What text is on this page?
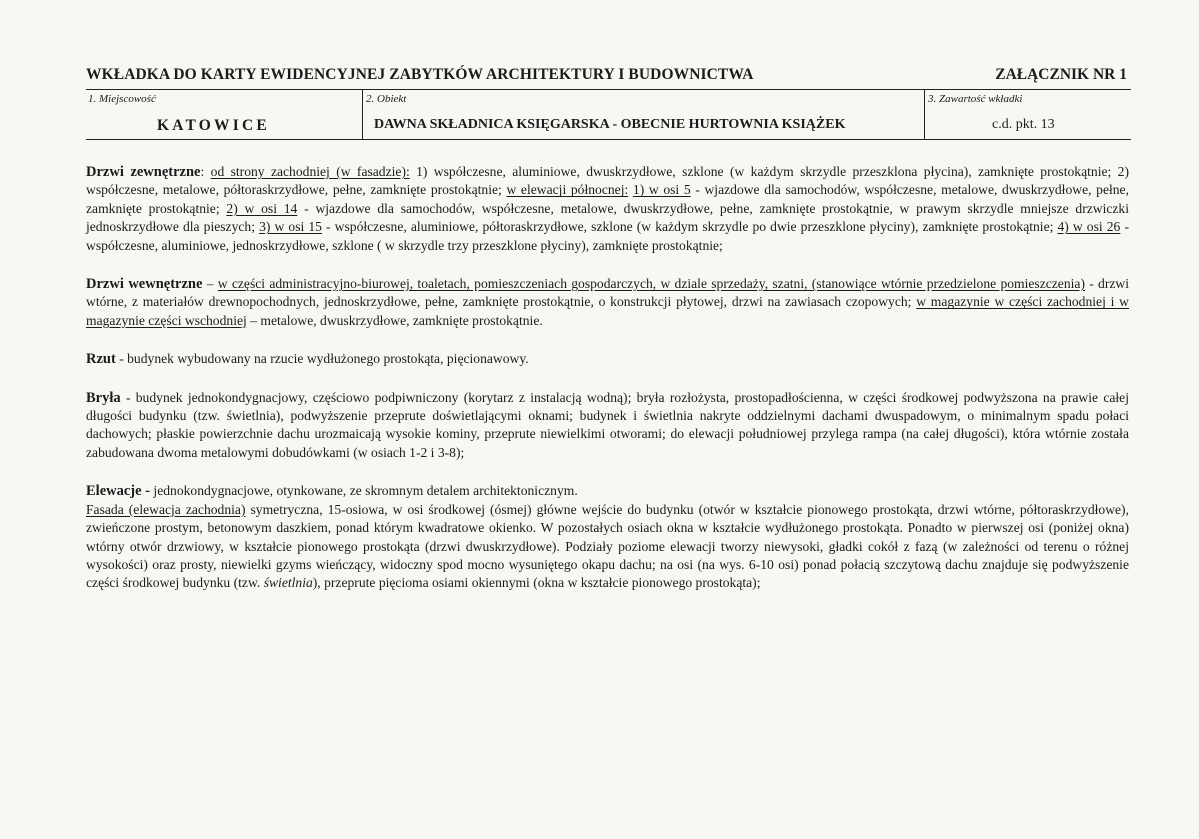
WKŁADKA DO KARTY EWIDENCYJNEJ ZABYTKÓW ARCHITEKTURY I BUDOWNICTWA	ZAŁĄCZNIK NR 1
1. Miejscowość
KATOWICE
2. Obiekt
DAWNA SKŁADNICA KSIĘGARSKA - OBECNIE HURTOWNIA KSIĄŻEK
3. Zawartość wkładki
c.d. pkt. 13

Drzwi zewnętrzne: od strony zachodniej (w fasadzie): 1) współczesne, aluminiowe, dwuskrzydłowe, szklone (w każdym skrzydle przeszklona płycina), zamknięte prostokątnie; 2) współczesne, metalowe, półtoraskrzydłowe, pełne, zamknięte prostokątnie; w elewacji północnej: 1) w osi 5 - wjazdowe dla samochodów, współczesne, metalowe, dwuskrzydłowe, pełne, zamknięte prostokątnie; 2) w osi 14 - wjazdowe dla samochodów, współczesne, metalowe, dwuskrzydłowe, pełne, zamknięte prostokątnie, w prawym skrzydle mniejsze drzwiczki jednoskrzydłowe dla pieszych; 3) w osi 15 - współczesne, aluminiowe, półtoraskrzydłowe, szklone (w każdym skrzydle po dwie przeszklone płyciny), zamknięte prostokątnie; 4) w osi 26 - współczesne, aluminiowe, jednoskrzydłowe, szklone ( w skrzydle trzy przeszklone płyciny), zamknięte prostokątnie;

Drzwi wewnętrzne – w części administracyjno-biurowej, toaletach, pomieszczeniach gospodarczych, w dziale sprzedaży, szatni, (stanowiące wtórnie przedzielone pomieszczenia) - drzwi wtórne, z materiałów drewnopochodnych, jednoskrzydłowe, pełne, zamknięte prostokątnie, o konstrukcji płytowej, drzwi na zawiasach czopowych; w magazynie w części zachodniej i w magazynie części wschodniej – metalowe, dwuskrzydłowe, zamknięte prostokątnie.

Rzut - budynek wybudowany na rzucie wydłużonego prostokąta, pięcionawowy.

Bryła - budynek jednokondygnacjowy, częściowo podpiwniczony (korytarz z instalacją wodną); bryła rozłożysta, prostopadłościenna, w części środkowej podwyższona na prawie całej długości budynku (tzw. świetlnia), podwyższenie przeprute doświetlającymi oknami; budynek i świetlnia nakryte oddzielnymi dachami dwuspadowym, o minimalnym spadu połaci dachowych; płaskie powierzchnie dachu urozmaicają wysokie kominy, przeprute niewielkimi otworami; do elewacji południowej przylega rampa (na całej długości), która wtórnie została zabudowana dwoma metalowymi dobudówkami (w osiach 1-2 i 3-8);

Elewacje - jednokondygnacjowe, otynkowane, ze skromnym detalem architektonicznym.
Fasada (elewacja zachodnia) symetryczna, 15-osiowa, w osi środkowej (ósmej) główne wejście do budynku (otwór w kształcie pionowego prostokąta, drzwi wtórne, półtoraskrzydłowe), zwieńczone prostym, betonowym daszkiem, ponad którym kwadratowe okienko. W pozostałych osiach okna w kształcie wydłużonego prostokąta. Ponadto w pierwszej osi (poniżej okna) wtórny otwór drzwiowy, w kształcie pionowego prostokąta (drzwi dwuskrzydłowe). Podziały poziome elewacji tworzy niewysoki, gładki cokół z fazą (w zależności od terenu o różnej wysokości) oraz prosty, niewielki gzyms wieńczący, widoczny spod mocno wysuniętego okapu dachu; na osi (na wys. 6-10 osi) ponad połacią szczytową dachu znajduje się podwyższenie części środkowej budynku (tzw. świetlnia), przeprute pięcioma osiami okiennymi (okna w kształcie pionowego prostokąta);
